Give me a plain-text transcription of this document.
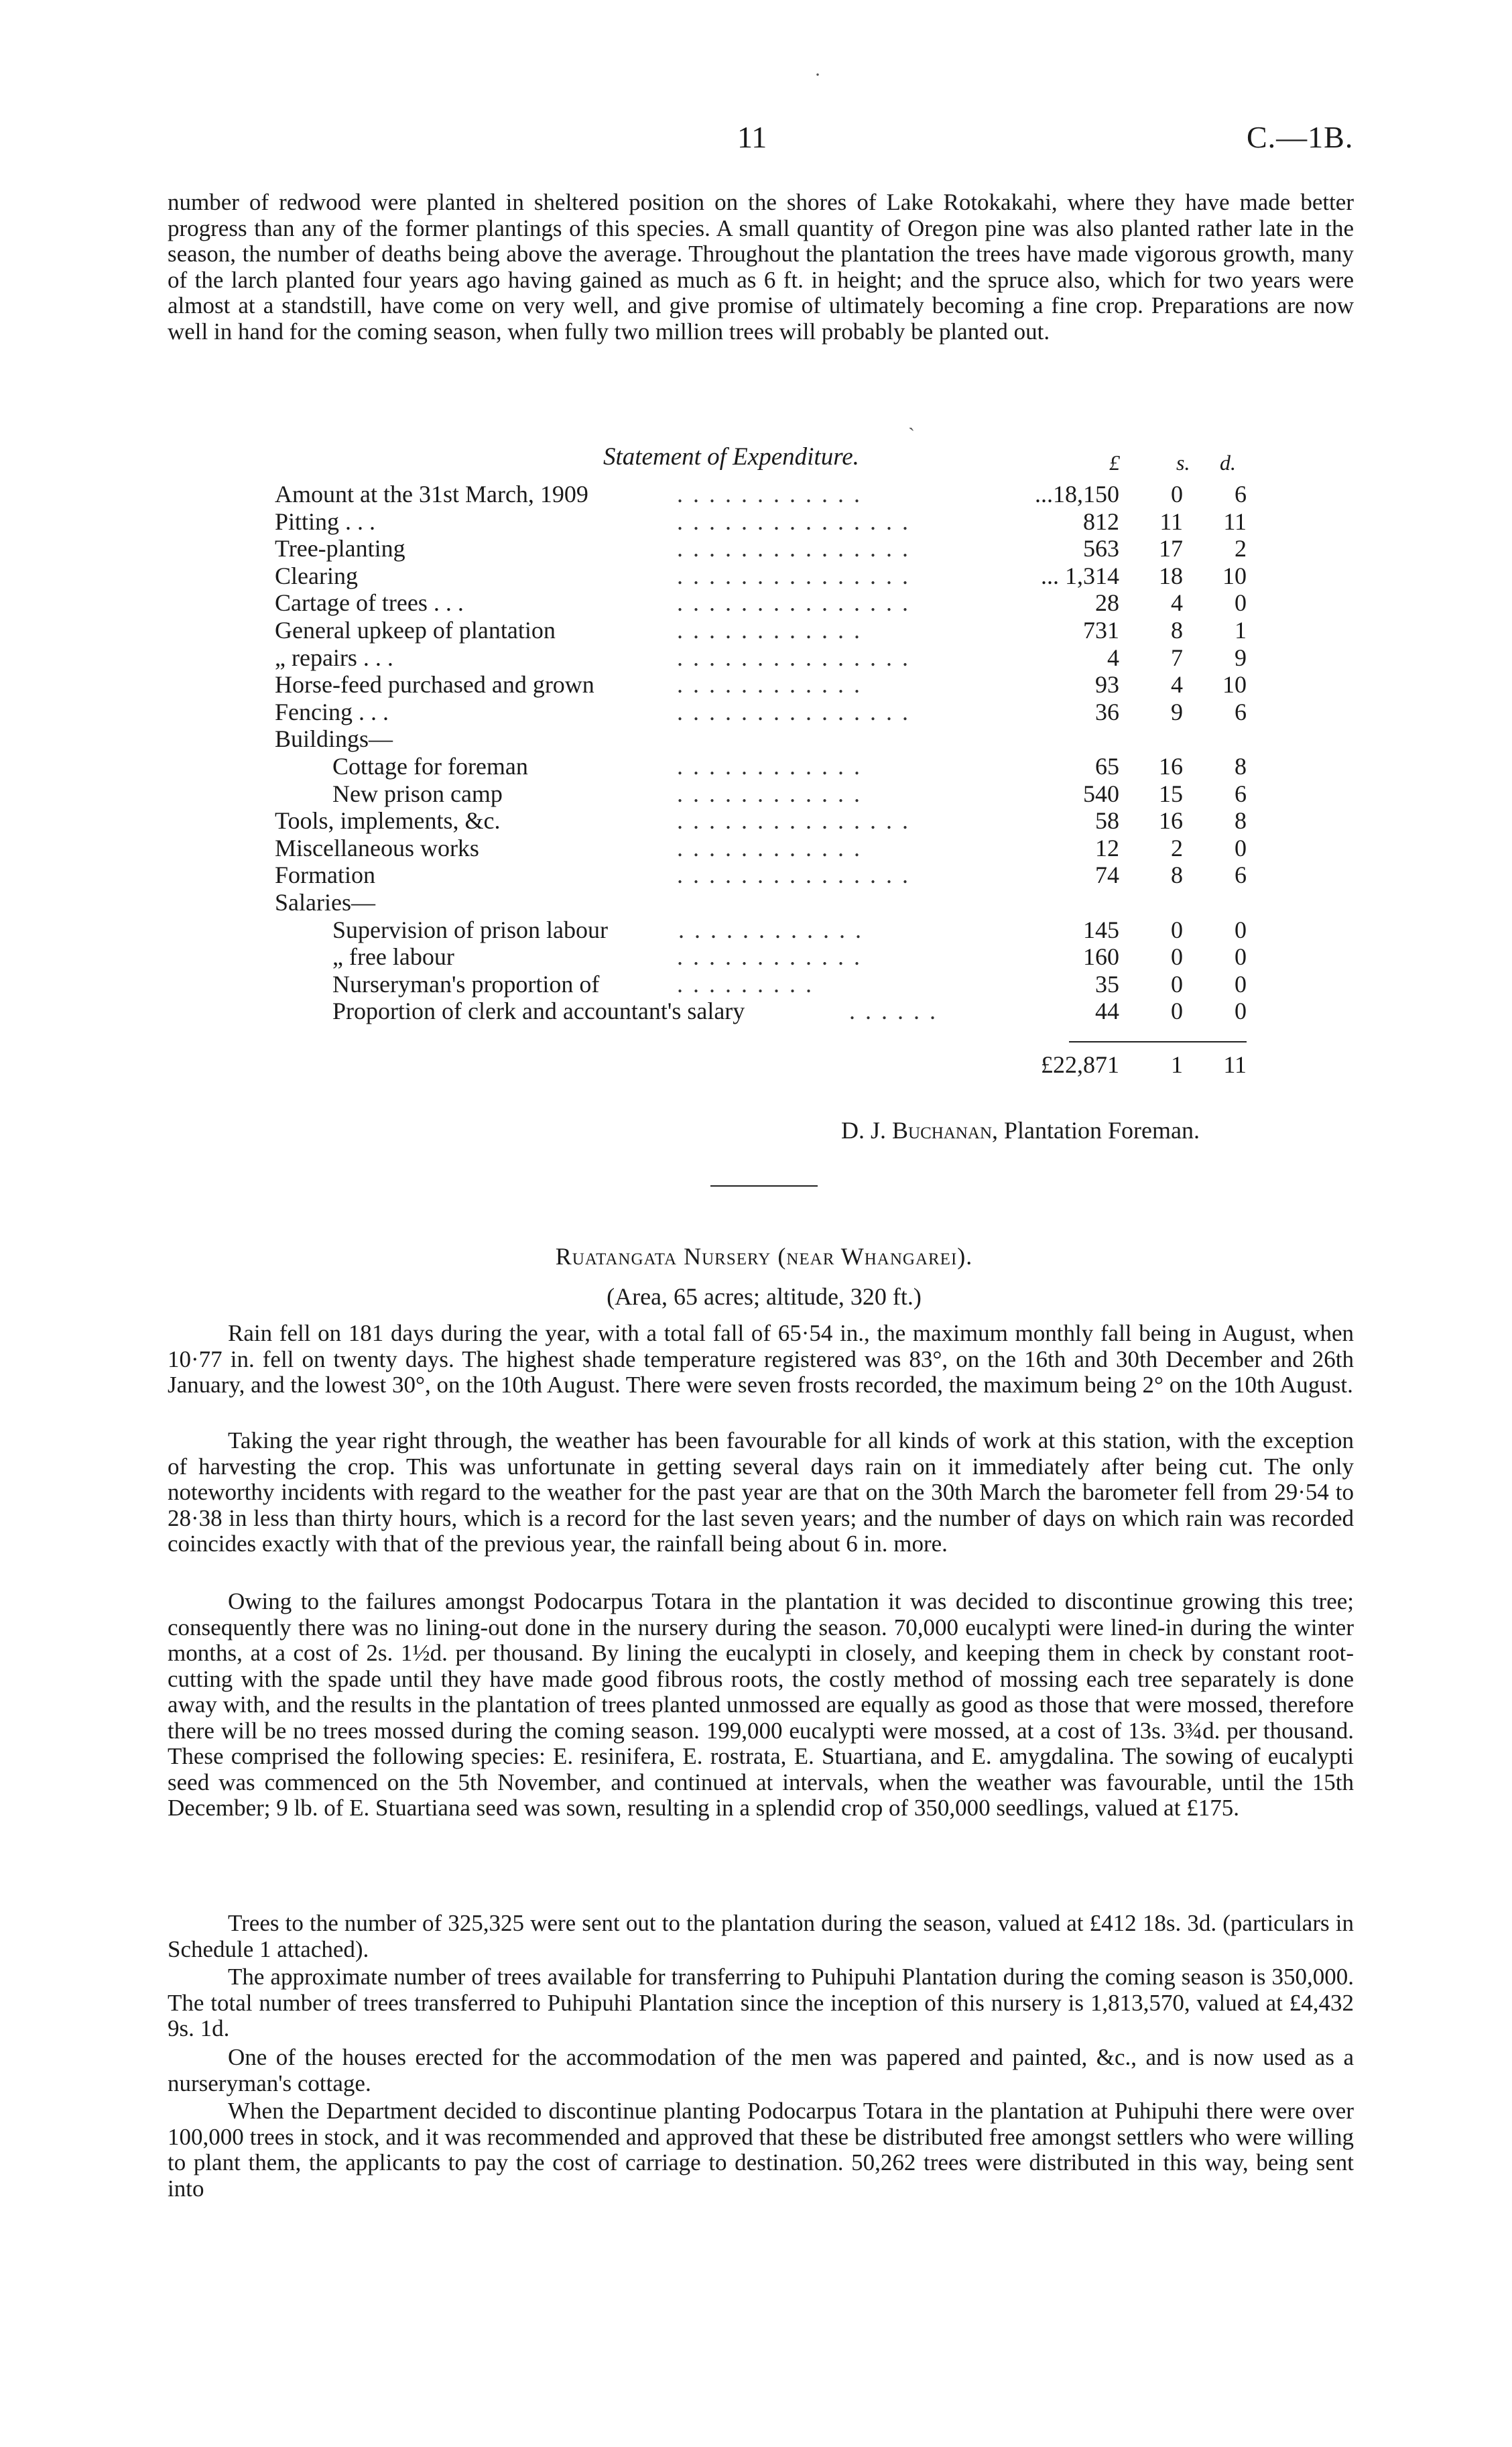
11	C.—1B.
number of redwood were planted in sheltered position on the shores of Lake Rotokakahi, where they have made better progress than any of the former plantings of this species. A small quantity of Oregon pine was also planted rather late in the season, the number of deaths being above the average. Throughout the plantation the trees have made vigorous growth, many of the larch planted four years ago having gained as much as 6 ft. in height; and the spruce also, which for two years were almost at a standstill, have come on very well, and give promise of ultimately becoming a fine crop. Preparations are now well in hand for the coming season, when fully two million trees will probably be planted out.
Statement of Expenditure.	£	s. d.
Amount at the 31st March, 1909	. . . . . . . . . . . .	...18,150 0 6
Pitting . . .	. . . . . . . . . . . . . . .	812 11 11
Tree-planting	. . . . . . . . . . . . . . .	563 17 2
Clearing	. . . . . . . . . . . . . . .	... 1,314 18 10
Cartage of trees . . .	. . . . . . . . . . . . . . .	28 4 0
General upkeep of plantation	. . . . . . . . . . . .	731 8 1
„ repairs . . .	. . . . . . . . . . . . . . .	4 7 9
Horse-feed purchased and grown	. . . . . . . . . . . .	93 4 10
Fencing . . .	. . . . . . . . . . . . . . .	36 9 6
Buildings—
Cottage for foreman	. . . . . . . . . . . .	65 16 8
New prison camp	. . . . . . . . . . . .	540 15 6
Tools, implements, &c.	. . . . . . . . . . . . . . .	58 16 8
Miscellaneous works	. . . . . . . . . . . .	12 2 0
Formation	. . . . . . . . . . . . . . .	74 8 6
Salaries—
Supervision of prison labour	. . . . . . . . . . . .	145 0 0
„ free labour	. . . . . . . . . . . .	160 0 0
Nurseryman's proportion of	. . . . . . . . .	35 0 0
Proportion of clerk and accountant's salary	. . . . . .	44 0 0
£22,871 1 11
D. J. Buchanan, Plantation Foreman.
Ruatangata Nursery (near Whangarei).
(Area, 65 acres; altitude, 320 ft.)
Rain fell on 181 days during the year, with a total fall of 65·54 in., the maximum monthly fall being in August, when 10·77 in. fell on twenty days. The highest shade temperature registered was 83°, on the 16th and 30th December and 26th January, and the lowest 30°, on the 10th August. There were seven frosts recorded, the maximum being 2° on the 10th August.
Taking the year right through, the weather has been favourable for all kinds of work at this station, with the exception of harvesting the crop. This was unfortunate in getting several days rain on it immediately after being cut. The only noteworthy incidents with regard to the weather for the past year are that on the 30th March the barometer fell from 29·54 to 28·38 in less than thirty hours, which is a record for the last seven years; and the number of days on which rain was recorded coincides exactly with that of the previous year, the rainfall being about 6 in. more.
Owing to the failures amongst Podocarpus Totara in the plantation it was decided to discontinue growing this tree; consequently there was no lining-out done in the nursery during the season. 70,000 eucalypti were lined-in during the winter months, at a cost of 2s. 1½d. per thousand. By lining the eucalypti in closely, and keeping them in check by constant root-cutting with the spade until they have made good fibrous roots, the costly method of mossing each tree separately is done away with, and the results in the plantation of trees planted unmossed are equally as good as those that were mossed, therefore there will be no trees mossed during the coming season. 199,000 eucalypti were mossed, at a cost of 13s. 3¾d. per thousand. These comprised the following species: E. resinifera, E. rostrata, E. Stuartiana, and E. amygdalina. The sowing of eucalypti seed was commenced on the 5th November, and continued at intervals, when the weather was favourable, until the 15th December; 9 lb. of E. Stuartiana seed was sown, resulting in a splendid crop of 350,000 seedlings, valued at £175.
Trees to the number of 325,325 were sent out to the plantation during the season, valued at £412 18s. 3d. (particulars in Schedule 1 attached).
The approximate number of trees available for transferring to Puhipuhi Plantation during the coming season is 350,000. The total number of trees transferred to Puhipuhi Plantation since the inception of this nursery is 1,813,570, valued at £4,432 9s. 1d.
One of the houses erected for the accommodation of the men was papered and painted, &c., and is now used as a nurseryman's cottage.
When the Department decided to discontinue planting Podocarpus Totara in the plantation at Puhipuhi there were over 100,000 trees in stock, and it was recommended and approved that these be distributed free amongst settlers who were willing to plant them, the applicants to pay the cost of carriage to destination. 50,262 trees were distributed in this way, being sent into
·
ˏ
